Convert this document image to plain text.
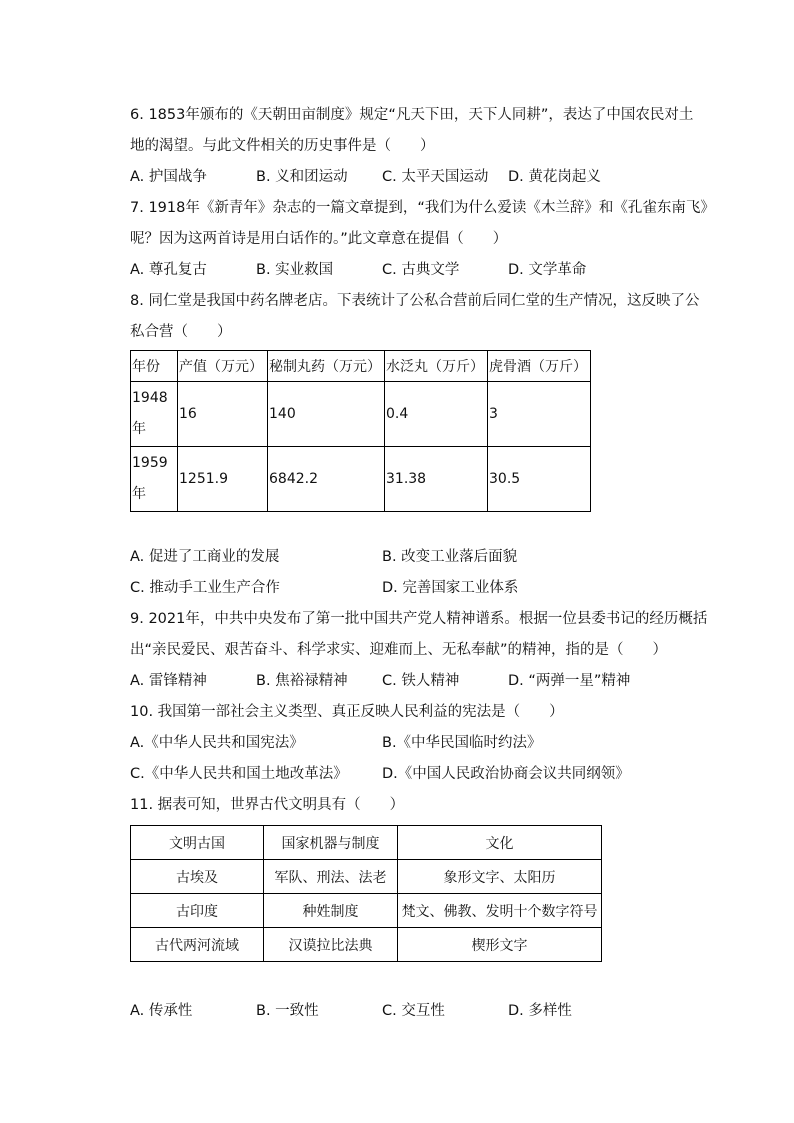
6. 1853年颁布的《天朝田亩制度》规定“凡天下田，天下人同耕”，表达了中国农民对土
地的渴望。与此文件相关的历史事件是（　　）
A. 护国战争	B. 义和团运动	C. 太平天国运动	D. 黄花岗起义
7. 1918年《新青年》杂志的一篇文章提到，“我们为什么爱读《木兰辞》和《孔雀东南飞》
呢？因为这两首诗是用白话作的。”此文章意在提倡（　　）
A. 尊孔复古	B. 实业救国	C. 古典文学	D. 文学革命
8. 同仁堂是我国中药名牌老店。下表统计了公私合营前后同仁堂的生产情况，这反映了公
私合营（　　）
年份	产值（万元）	秘制丸药（万元）	水泛丸（万斤）	虎骨酒（万斤）

1948
年	16	140	0.4	3

1959
年	1251.9	6842.2	31.38	30.5
A. 促进了工商业的发展	B. 改变工业落后面貌
C. 推动手工业生产合作	D. 完善国家工业体系
9. 2021年，中共中央发布了第一批中国共产党人精神谱系。根据一位县委书记的经历概括
出“亲民爱民、艰苦奋斗、科学求实、迎难而上、无私奉献”的精神，指的是（　　）
A. 雷锋精神	B. 焦裕禄精神	C. 铁人精神	D. “两弹一星”精神
10. 我国第一部社会主义类型、真正反映人民利益的宪法是（　　）
A.《中华人民共和国宪法》	B.《中华民国临时约法》
C.《中华人民共和国土地改革法》	D.《中国人民政治协商会议共同纲领》
11. 据表可知，世界古代文明具有（　　）
文明古国	国家机器与制度	文化
古埃及	军队、刑法、法老	象形文字、太阳历
古印度	种姓制度	梵文、佛教、发明十个数字符号
古代两河流域	汉谟拉比法典	楔形文字
A. 传承性	B. 一致性	C. 交互性	D. 多样性
